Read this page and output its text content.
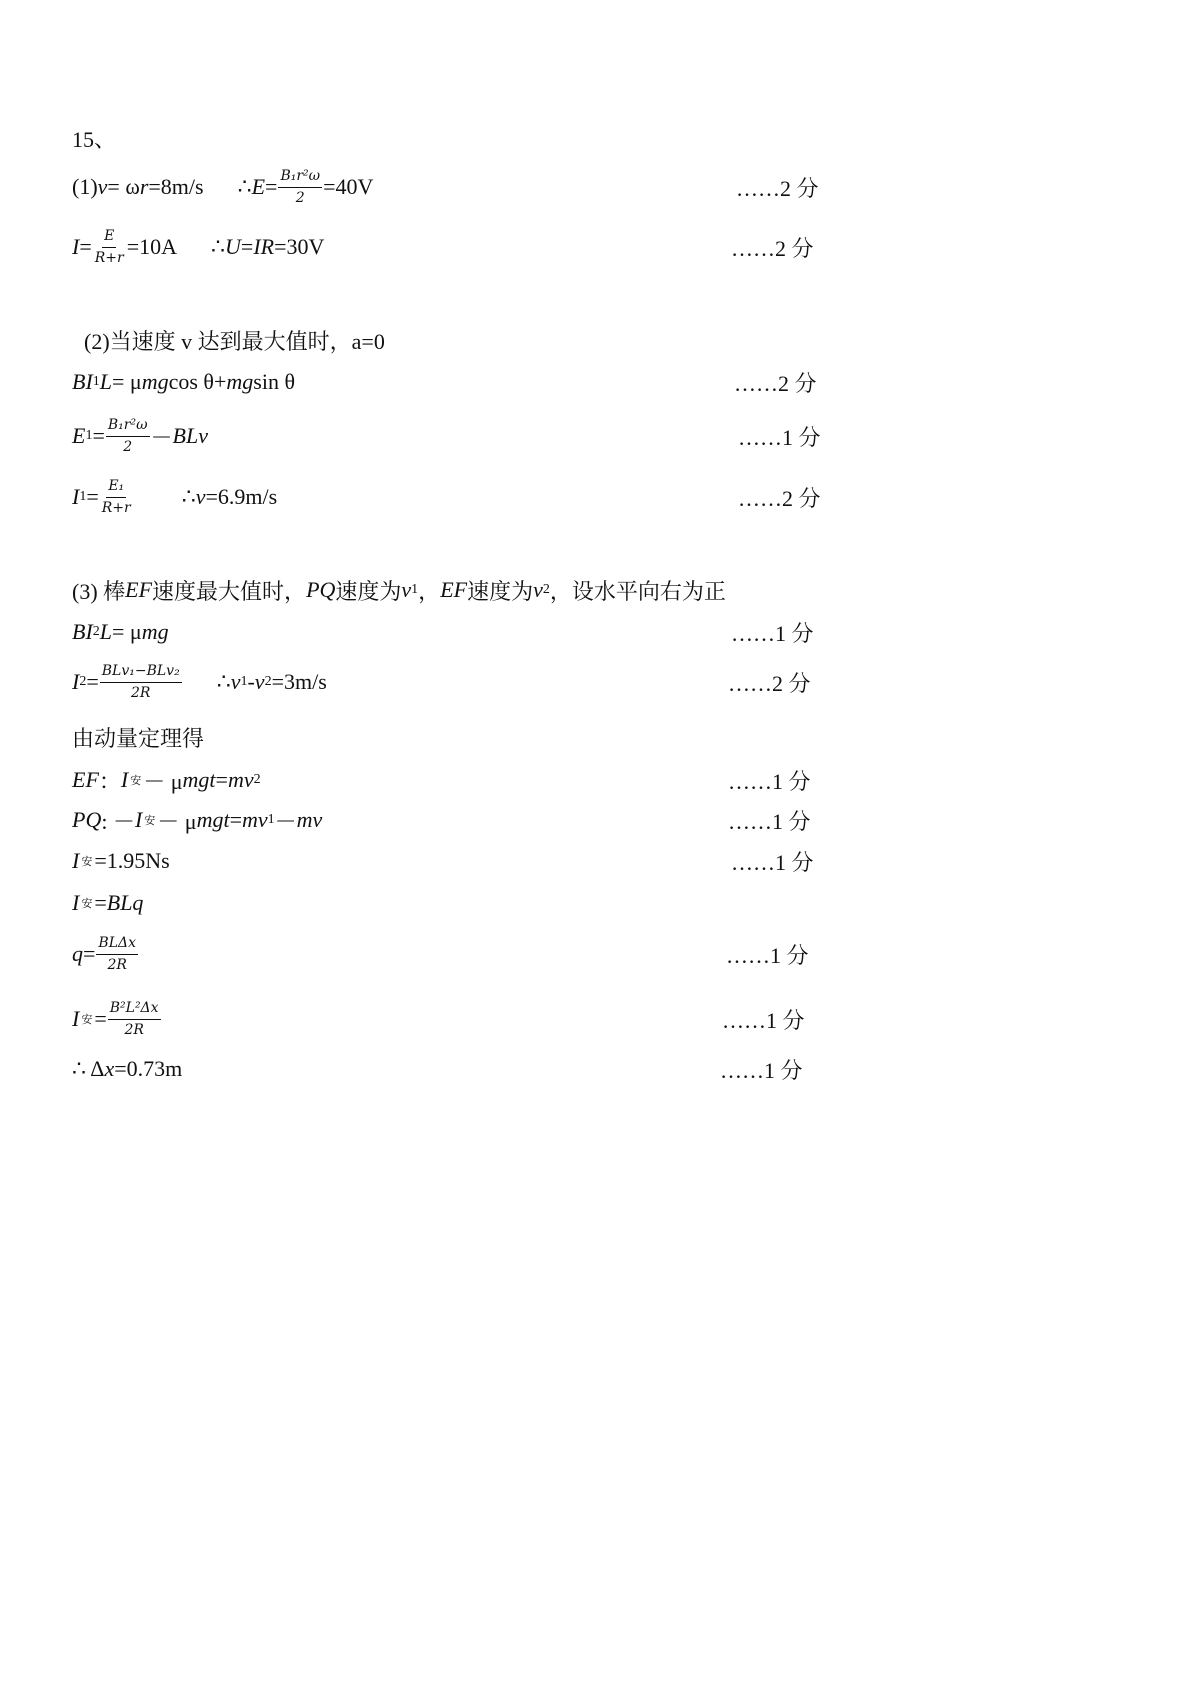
15、
(1) v = ω r =8m/s ∴ $E = \frac{\text{B₁r²ω}}{2} =40V$	……2 分
$I = \frac{E}{R+r} =10A$ ∴ U = IR =30V	……2 分
(2)当速度 v 达到最大值时，a=0
BI 1 L = μ mg cos θ+ mg sin θ	……2 分
E $1 = \frac{\text{B₁r²ω}}{2}$ － BLv	……1 分
I $1 = \frac{\text{E₁}}{R+r}$ ∴ v =6.9m/s	……2 分
(3) 棒 EF 速度最大值时， PQ 速度为 v 1 ， EF 速度为 v 2 ，设水平向右为正
BI 2 L = μ mg	……1 分
I $2 = \frac{\text{BLv₁−BLv₂}}{2R}$ ∴ v 1 - v 2 =3m/s	……2 分
由动量定理得
EF ： I 安 － μ mgt = mv 2	……1 分
PQ : － I 安 － μ mgt = mv 1 － mv	……1 分
I 安 =1.95Ns	……1 分
I 安 = BLq
$q = \frac{\text{BLΔx}}{2R}$	……1 分
I 安 = $\frac{\text{B²L²Δx}}{2R}$	……1 分
∴ Δ x =0.73m	……1 分
